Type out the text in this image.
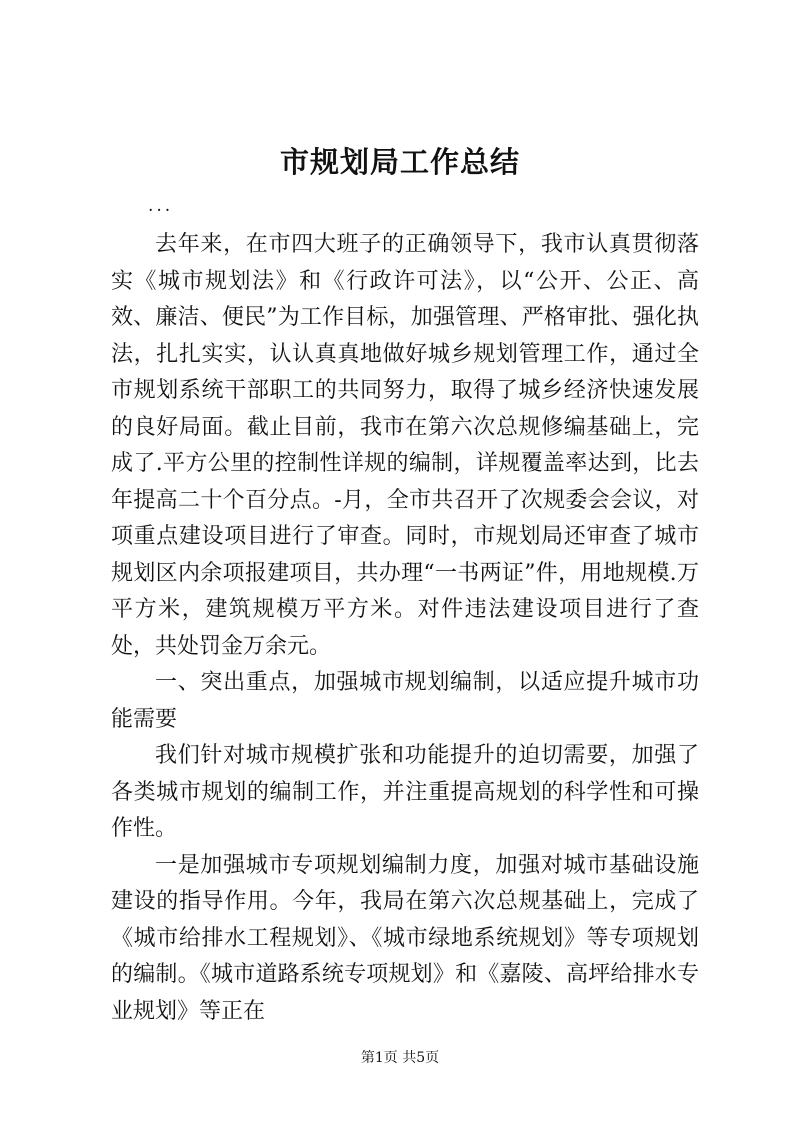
市规划局工作总结
...

去年来，在市四大班子的正确领导下，我市认真贯彻落实《城市规划法》和《行政许可法》，以“公开、公正、高效、廉洁、便民”为工作目标，加强管理、严格审批、强化执法，扎扎实实，认认真真地做好城乡规划管理工作，通过全市规划系统干部职工的共同努力，取得了城乡经济快速发展的良好局面。截止目前，我市在第六次总规修编基础上，完成了.平方公里的控制性详规的编制，详规覆盖率达到，比去年提高二十个百分点。-月，全市共召开了次规委会会议，对项重点建设项目进行了审查。同时，市规划局还审查了城市规划区内余项报建项目，共办理“一书两证”件，用地规模.万平方米，建筑规模万平方米。对件违法建设项目进行了查处，共处罚金万余元。

一、突出重点，加强城市规划编制，以适应提升城市功能需要

我们针对城市规模扩张和功能提升的迫切需要，加强了各类城市规划的编制工作，并注重提高规划的科学性和可操作性。

一是加强城市专项规划编制力度，加强对城市基础设施建设的指导作用。今年，我局在第六次总规基础上，完成了《城市给排水工程规划》、《城市绿地系统规划》等专项规划的编制。《城市道路系统专项规划》和《嘉陵、高坪给排水专业规划》等正在

第1页 共5页
